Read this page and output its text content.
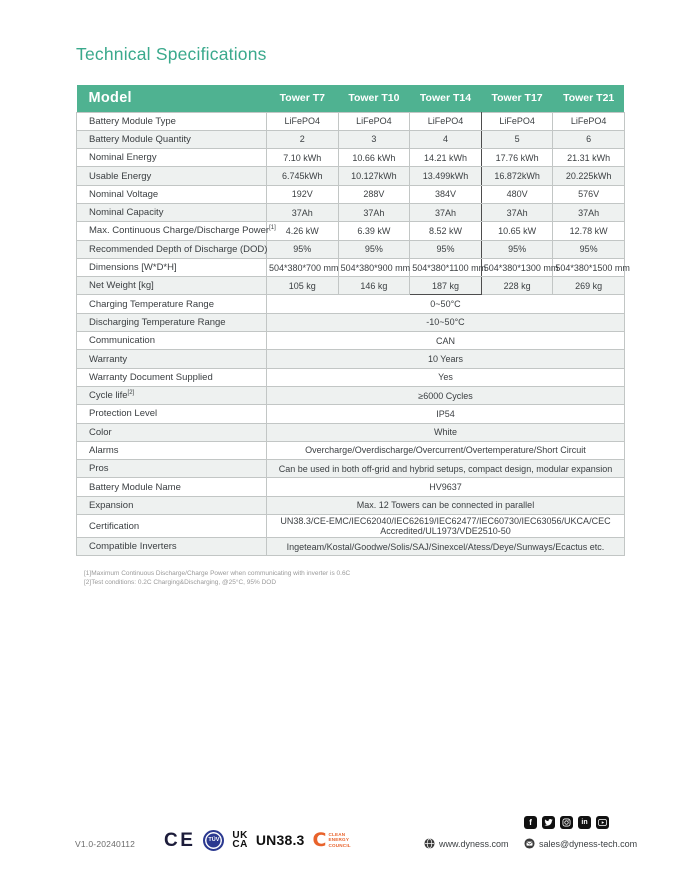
Technical Specifications
Model	Tower T7	Tower T10	Tower T14	Tower T17	Tower T21
Battery Module Type	LiFePO4	LiFePO4	LiFePO4	LiFePO4	LiFePO4
Battery Module Quantity	2	3	4	5	6
Nominal Energy	7.10 kWh	10.66 kWh	14.21 kWh	17.76 kWh	21.31 kWh
Usable Energy	6.745kWh	10.127kWh	13.499kWh	16.872kWh	20.225kWh
Nominal Voltage	192V	288V	384V	480V	576V
Nominal Capacity	37Ah	37Ah	37Ah	37Ah	37Ah
Max. Continuous Charge/Discharge Power[1]	4.26 kW	6.39 kW	8.52 kW	10.65 kW	12.78 kW
Recommended Depth of Discharge (DOD)	95%	95%	95%	95%	95%
Dimensions [W*D*H]	504*380*700 mm	504*380*900 mm	504*380*1100 mm	504*380*1300 mm	504*380*1500 mm
Net Weight [kg]	105 kg	146 kg	187 kg	228 kg	269 kg
Charging Temperature Range	0~50°C				
Discharging Temperature Range	-10~50°C				
Communication	CAN				
Warranty	10 Years				
Warranty Document Supplied	Yes				
Cycle life[2]	≥6000 Cycles				
Protection Level	IP54				
Color	White				
Alarms	Overcharge/Overdischarge/Overcurrent/Overtemperature/Short Circuit				
Pros	Can be used in both off-grid and hybrid setups, compact design, modular expansion				
Battery Module Name	HV9637				
Expansion	Max. 12 Towers can be connected in parallel				
Certification	UN38.3/CE-EMC/IEC62040/IEC62619/IEC62477/IEC60730/IEC63056/UKCA/CEC Accredited/UL1973/VDE2510-50				
Compatible Inverters	Ingeteam/Kostal/Goodwe/Solis/SAJ/Sinexcel/Atess/Deye/Sunways/Ecactus etc.				
[1]Maximum Continuous Discharge/Charge Power when communicating with inverter is 0.6C
[2]Test conditions: 0.2C Charging&Discharging, @25°C, 95% DOD
V1.0-20240112 CE	TÜV	UK
CA UN38.3 C CLEAN
ENERGY
COUNCIL	www.dyness.com
f	in
sales@dyness-tech.com
